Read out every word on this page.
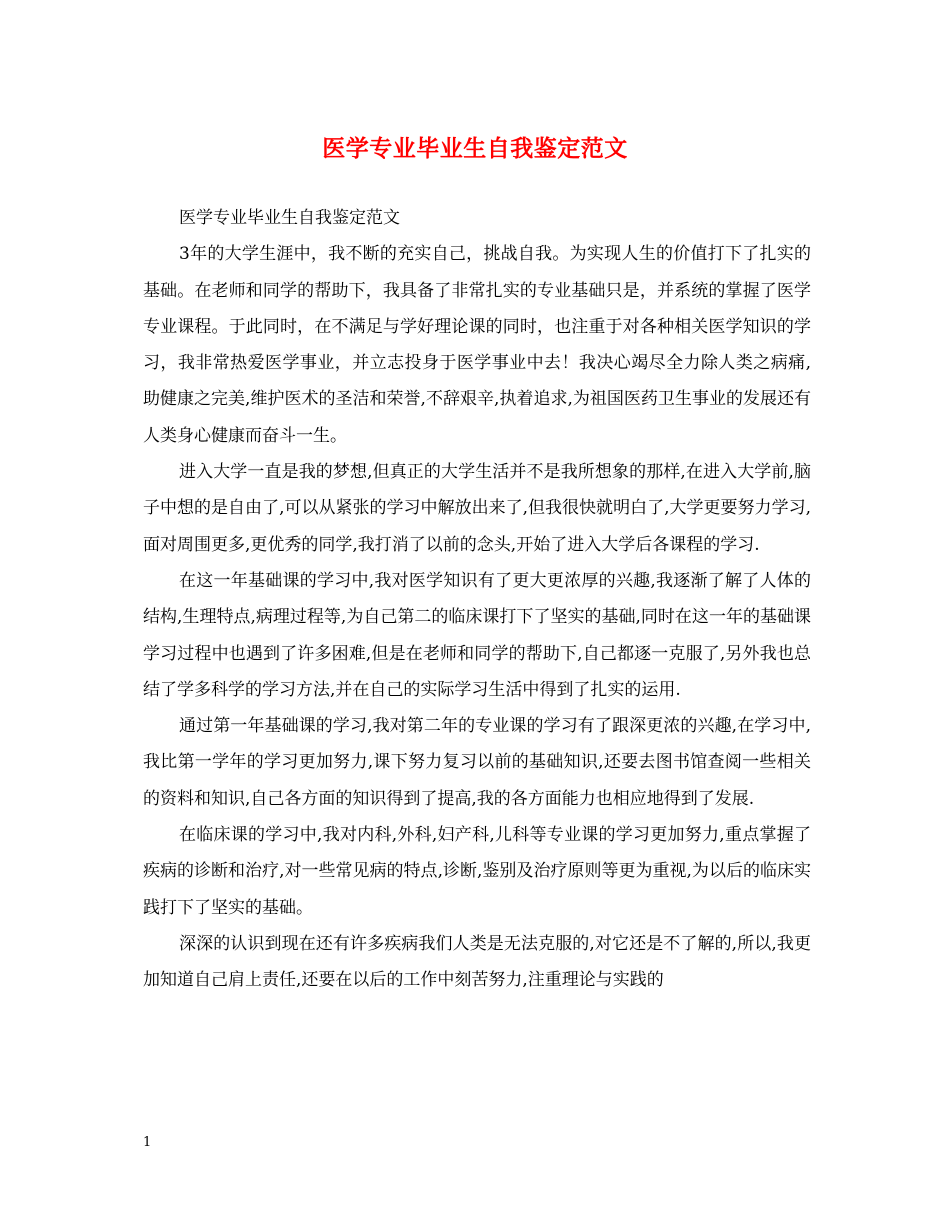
医学专业毕业生自我鉴定范文

医学专业毕业生自我鉴定范文

3年的大学生涯中，我不断的充实自己，挑战自我。为实现人生的价值打下了扎实的基础。在老师和同学的帮助下，我具备了非常扎实的专业基础只是，并系统的掌握了医学专业课程。于此同时，在不满足与学好理论课的同时，也注重于对各种相关医学知识的学习，我非常热爱医学事业，并立志投身于医学事业中去！我决心竭尽全力除人类之病痛,助健康之完美,维护医术的圣洁和荣誉,不辞艰辛,执着追求,为祖国医药卫生事业的发展还有人类身心健康而奋斗一生。

进入大学一直是我的梦想,但真正的大学生活并不是我所想象的那样,在进入大学前,脑子中想的是自由了,可以从紧张的学习中解放出来了,但我很快就明白了,大学更要努力学习,面对周围更多,更优秀的同学,我打消了以前的念头,开始了进入大学后各课程的学习.

在这一年基础课的学习中,我对医学知识有了更大更浓厚的兴趣,我逐渐了解了人体的结构,生理特点,病理过程等,为自己第二的临床课打下了坚实的基础,同时在这一年的基础课学习过程中也遇到了许多困难,但是在老师和同学的帮助下,自己都逐一克服了,另外我也总结了学多科学的学习方法,并在自己的实际学习生活中得到了扎实的运用.

通过第一年基础课的学习,我对第二年的专业课的学习有了跟深更浓的兴趣,在学习中,我比第一学年的学习更加努力,课下努力复习以前的基础知识,还要去图书馆查阅一些相关的资料和知识,自己各方面的知识得到了提高,我的各方面能力也相应地得到了发展.

在临床课的学习中,我对内科,外科,妇产科,儿科等专业课的学习更加努力,重点掌握了疾病的诊断和治疗,对一些常见病的特点,诊断,鉴别及治疗原则等更为重视,为以后的临床实践打下了坚实的基础。

深深的认识到现在还有许多疾病我们人类是无法克服的,对它还是不了解的,所以,我更加知道自己肩上责任,还要在以后的工作中刻苦努力,注重理论与实践的

1
